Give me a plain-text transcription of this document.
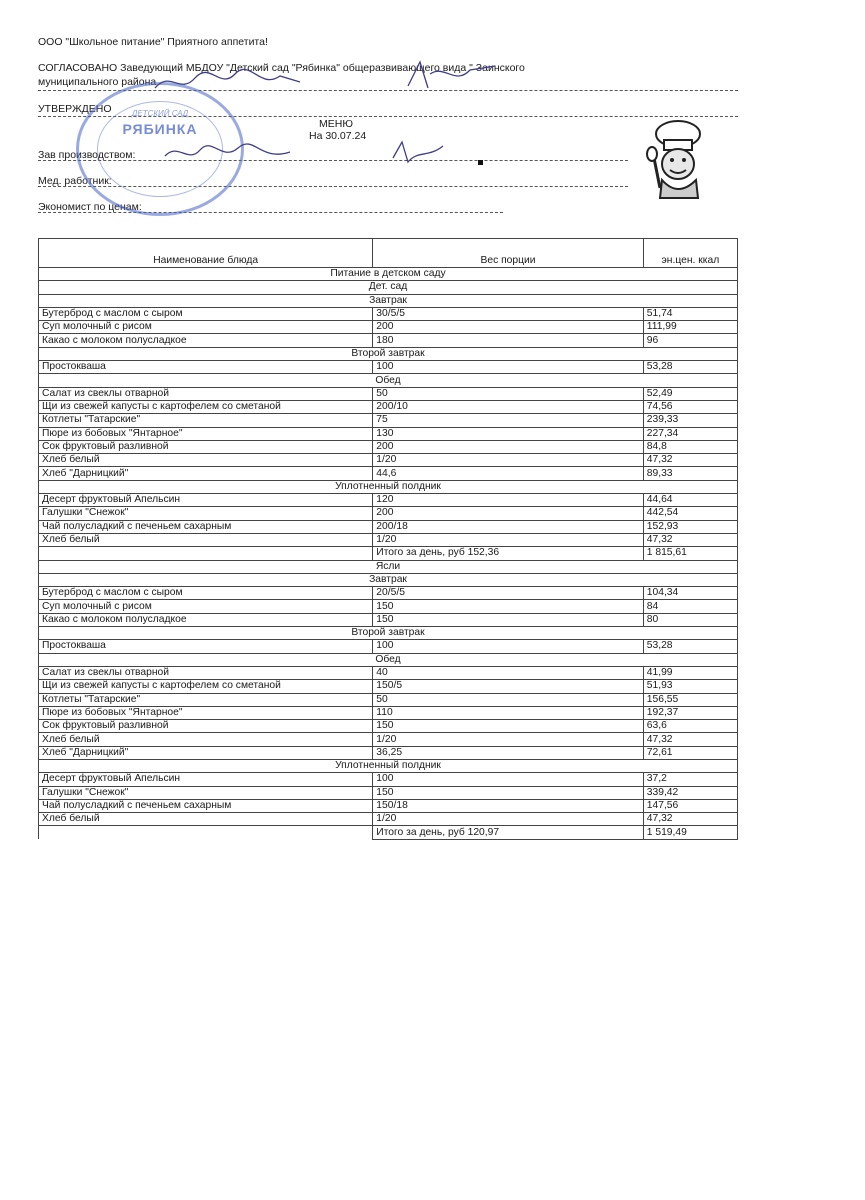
ООО "Школьное питание" Приятного аппетита!
СОГЛАСОВАНО Заведующий МБДОУ "Детский сад "Рябинка" общеразвивающего вида " Заинского
муниципального района
УТВЕРЖДЕНО
МЕНЮ
На 30.07.24
Зав производством:
Мед. работник:
Экономист по ценам:
ДЕТСКИЙ САД
РЯБИНКА
Наименование блюда	Вес порции	эн.цен. ккал
Питание в детском саду		
Дет. сад		
Завтрак		
Бутерброд с маслом с сыром	30/5/5	51,74
Суп молочный с рисом	200	111,99
Какао с молоком полусладкое	180	96
Второй завтрак		
Простокваша	100	53,28
Обед		
Салат из свеклы отварной	50	52,49
Щи из свежей капусты с картофелем со сметаной	200/10	74,56
Котлеты "Татарские"	75	239,33
Пюре из бобовых "Янтарное"	130	227,34
Сок фруктовый разливной	200	84,8
Хлеб белый	1/20	47,32
Хлеб "Дарницкий"	44,6	89,33
Уплотненный полдник		
Десерт фруктовый Апельсин	120	44,64
Галушки "Снежок"	200	442,54
Чай полусладкий с печеньем сахарным	200/18	152,93
Хлеб белый	1/20	47,32
	Итого за день, руб 152,36	1 815,61
Ясли		
Завтрак		
Бутерброд с маслом с сыром	20/5/5	104,34
Суп молочный с рисом	150	84
Какао с молоком полусладкое	150	80
Второй завтрак		
Простокваша	100	53,28
Обед		
Салат из свеклы отварной	40	41,99
Щи из свежей капусты с картофелем со сметаной	150/5	51,93
Котлеты "Татарские"	50	156,55
Пюре из бобовых "Янтарное"	110	192,37
Сок фруктовый разливной	150	63,6
Хлеб белый	1/20	47,32
Хлеб "Дарницкий"	36,25	72,61
Уплотненный полдник		
Десерт фруктовый Апельсин	100	37,2
Галушки "Снежок"	150	339,42
Чай полусладкий с печеньем сахарным	150/18	147,56
Хлеб белый	1/20	47,32
	Итого за день, руб 120,97	1 519,49
